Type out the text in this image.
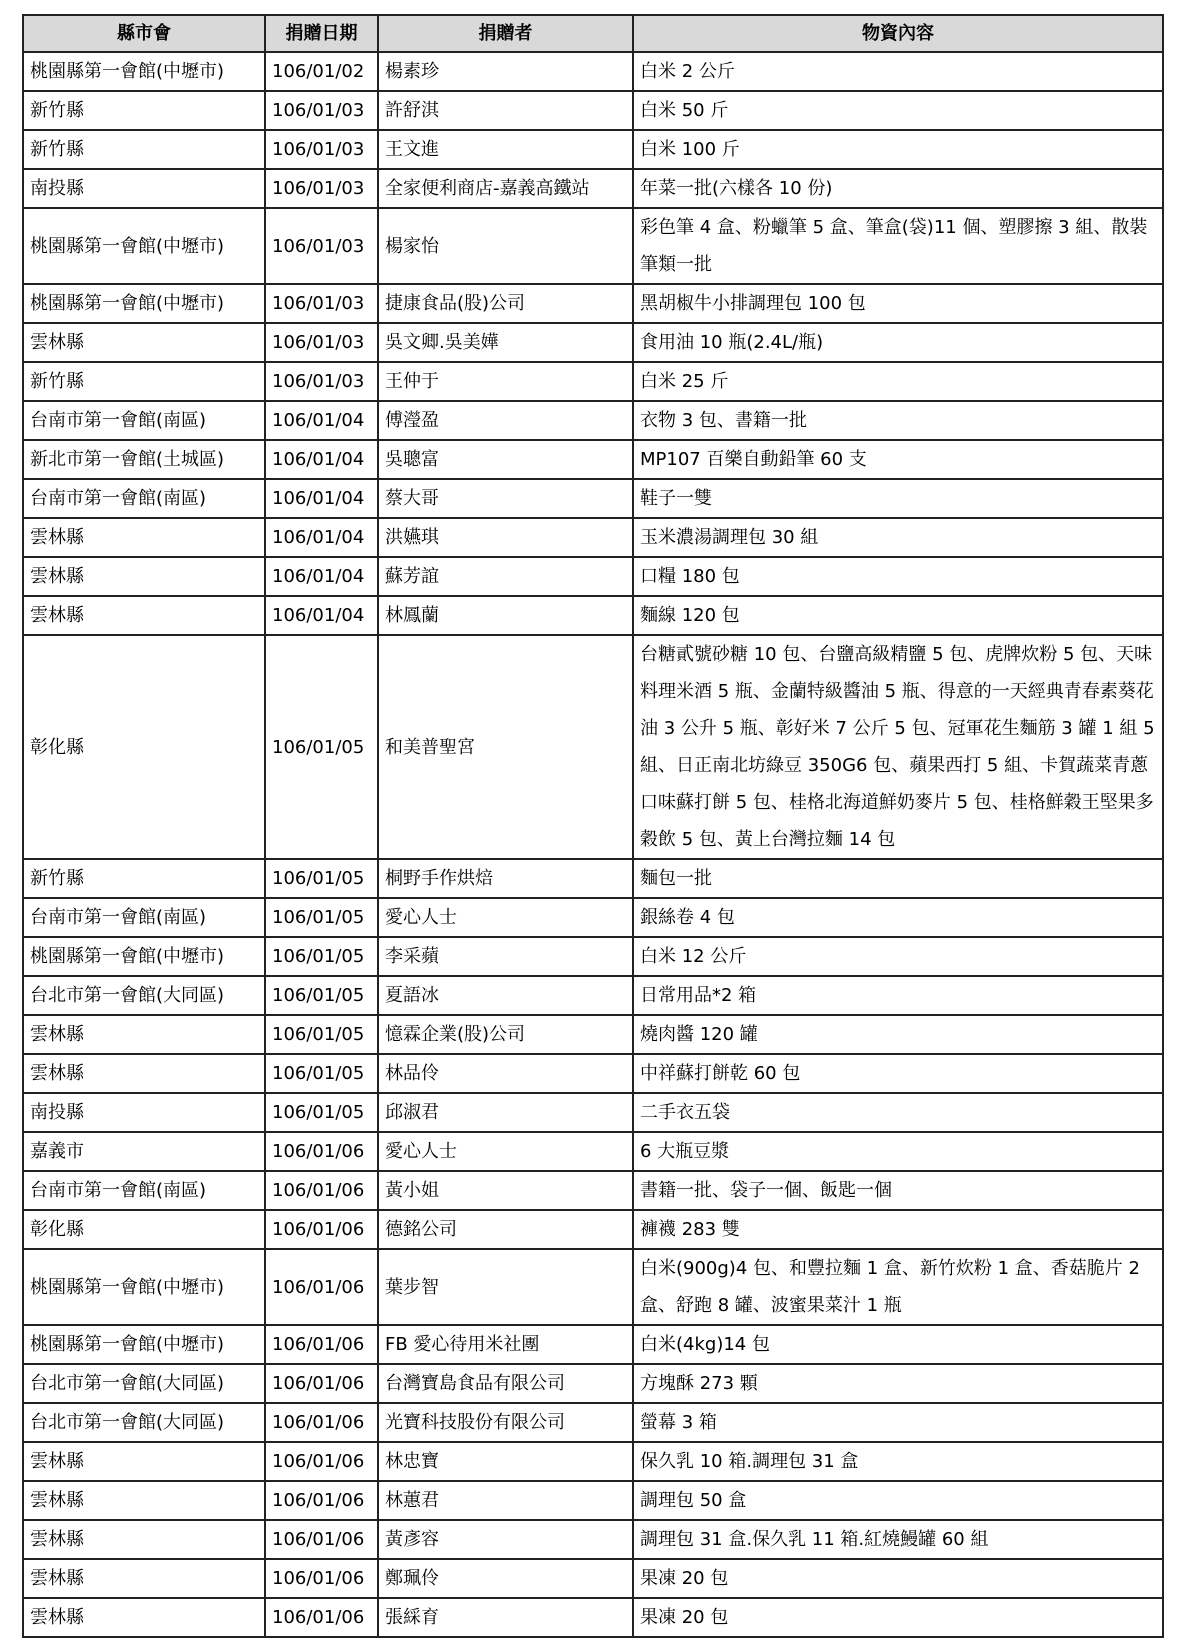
縣市會	捐贈日期	捐贈者	物資內容
桃園縣第一會館(中壢市)	106/01/02	楊素珍	白米 2 公斤
新竹縣	106/01/03	許舒淇	白米 50 斤
新竹縣	106/01/03	王文進	白米 100 斤
南投縣	106/01/03	全家便利商店-嘉義高鐵站	年菜一批(六樣各 10 份)
桃園縣第一會館(中壢市)	106/01/03	楊家怡	彩色筆 4 盒、粉蠟筆 5 盒、筆盒(袋)11 個、塑膠擦 3 組、散裝筆類一批
桃園縣第一會館(中壢市)	106/01/03	捷康食品(股)公司	黑胡椒牛小排調理包 100 包
雲林縣	106/01/03	吳文卿.吳美嬅	食用油 10 瓶(2.4L/瓶)
新竹縣	106/01/03	王仲于	白米 25 斤
台南市第一會館(南區)	106/01/04	傅瀅盈	衣物 3 包、書籍一批
新北市第一會館(土城區)	106/01/04	吳聰富	MP107 百樂自動鉛筆 60 支
台南市第一會館(南區)	106/01/04	蔡大哥	鞋子一雙
雲林縣	106/01/04	洪嬿琪	玉米濃湯調理包 30 組
雲林縣	106/01/04	蘇芳誼	口糧 180 包
雲林縣	106/01/04	林鳳蘭	麵線 120 包
彰化縣	106/01/05	和美普聖宮	台糖貳號砂糖 10 包、台鹽高級精鹽 5 包、虎牌炊粉 5 包、天味料理米酒 5 瓶、金蘭特級醬油 5 瓶、得意的一天經典青春素葵花油 3 公升 5 瓶、彰好米 7 公斤 5 包、冠軍花生麵筋 3 罐 1 組 5 組、日正南北坊綠豆 350G6 包、蘋果西打 5 組、卡賀蔬菜青蔥口味蘇打餅 5 包、桂格北海道鮮奶麥片 5 包、桂格鮮穀王堅果多穀飲 5 包、黃上台灣拉麵 14 包
新竹縣	106/01/05	桐野手作烘焙	麵包一批
台南市第一會館(南區)	106/01/05	愛心人士	銀絲卷 4 包
桃園縣第一會館(中壢市)	106/01/05	李采蘋	白米 12 公斤
台北市第一會館(大同區)	106/01/05	夏語冰	日常用品*2 箱
雲林縣	106/01/05	憶霖企業(股)公司	燒肉醬 120 罐
雲林縣	106/01/05	林品伶	中祥蘇打餅乾 60 包
南投縣	106/01/05	邱淑君	二手衣五袋
嘉義市	106/01/06	愛心人士	6 大瓶豆漿
台南市第一會館(南區)	106/01/06	黃小姐	書籍一批、袋子一個、飯匙一個
彰化縣	106/01/06	德銘公司	褲襪 283 雙
桃園縣第一會館(中壢市)	106/01/06	葉步智	白米(900g)4 包、和豐拉麵 1 盒、新竹炊粉 1 盒、香菇脆片 2 盒、舒跑 8 罐、波蜜果菜汁 1 瓶
桃園縣第一會館(中壢市)	106/01/06	FB 愛心待用米社團	白米(4kg)14 包
台北市第一會館(大同區)	106/01/06	台灣寶島食品有限公司	方塊酥 273 顆
台北市第一會館(大同區)	106/01/06	光寶科技股份有限公司	螢幕 3 箱
雲林縣	106/01/06	林忠寶	保久乳 10 箱.調理包 31 盒
雲林縣	106/01/06	林蕙君	調理包 50 盒
雲林縣	106/01/06	黃彥容	調理包 31 盒.保久乳 11 箱.紅燒鰻罐 60 組
雲林縣	106/01/06	鄭珮伶	果凍 20 包
雲林縣	106/01/06	張綵育	果凍 20 包
